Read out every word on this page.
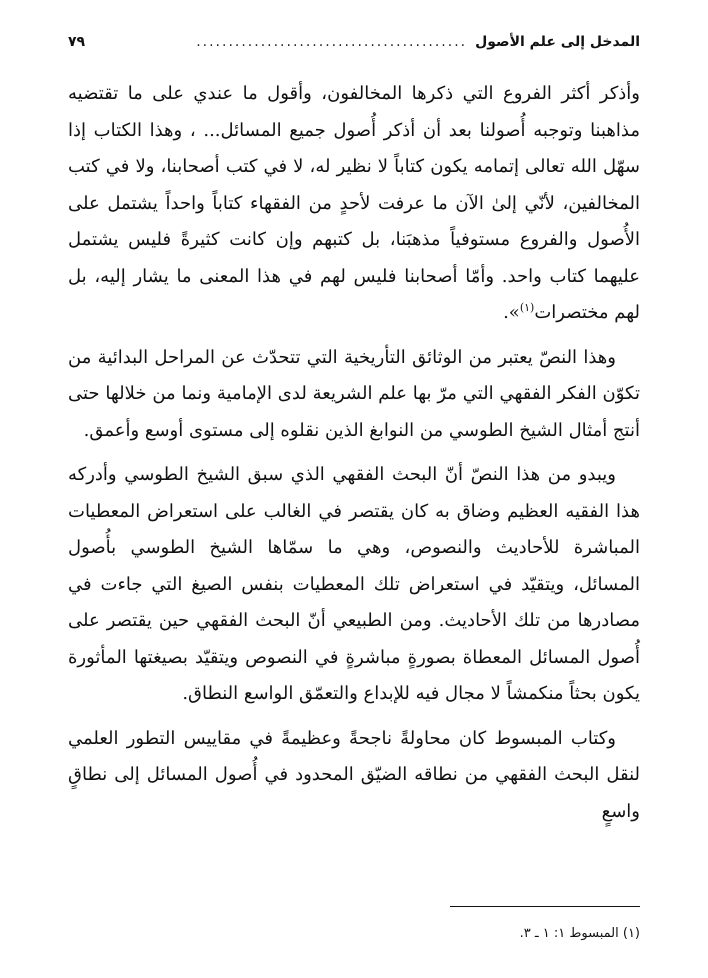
المدخل إلى علم الأصول
..........................................
٧٩

وأذكر أكثر الفروع التي ذكرها المخالفون، وأقول ما عندي على ما تقتضيه مذاهبنا وتوجبه أُصولنا بعد أن أذكر أُصول جميع المسائل... ، وهذا الكتاب إذا سهّل الله تعالى إتمامه يكون كتاباً لا نظير له، لا في كتب أصحابنا، ولا في كتب المخالفين، لأنّي إلىٰ الآن ما عرفت لأحدٍ من الفقهاء كتاباً واحداً يشتمل على الأُصول والفروع مستوفياً مذهبَنا، بل كتبهم وإن كانت كثيرةً فليس يشتمل عليهما كتاب واحد. وأمّا أصحابنا فليس لهم في هذا المعنى ما يشار إليه، بل لهم مختصرات$^{(١)}$».

وهذا النصّ يعتبر من الوثائق التأريخية التي تتحدّث عن المراحل البدائية من تكوّن الفكر الفقهي التي مرّ بها علم الشريعة لدى الإمامية ونما من خلالها حتى أنتج أمثال الشيخ الطوسي من النوابغ الذين نقلوه إلى مستوى أوسع وأعمق.

ويبدو من هذا النصّ أنّ البحث الفقهي الذي سبق الشيخ الطوسي وأدركه هذا الفقيه العظيم وضاق به كان يقتصر في الغالب على استعراض المعطيات المباشرة للأحاديث والنصوص، وهي ما سمّاها الشيخ الطوسي بأُصول المسائل، ويتقيّد في استعراض تلك المعطيات بنفس الصيغ التي جاءت في مصادرها من تلك الأحاديث. ومن الطبيعي أنّ البحث الفقهي حين يقتصر على أُصول المسائل المعطاة بصورةٍ مباشرةٍ في النصوص ويتقيّد بصيغتها المأثورة يكون بحثاً منكمشاً لا مجال فيه للإبداع والتعمّق الواسع النطاق.

وكتاب المبسوط كان محاولةً ناجحةً وعظيمةً في مقاييس التطور العلمي لنقل البحث الفقهي من نطاقه الضيّق المحدود في أُصول المسائل إلى نطاقٍ واسعٍ

(١) المبسوط ١: ١ ـ ٣.
